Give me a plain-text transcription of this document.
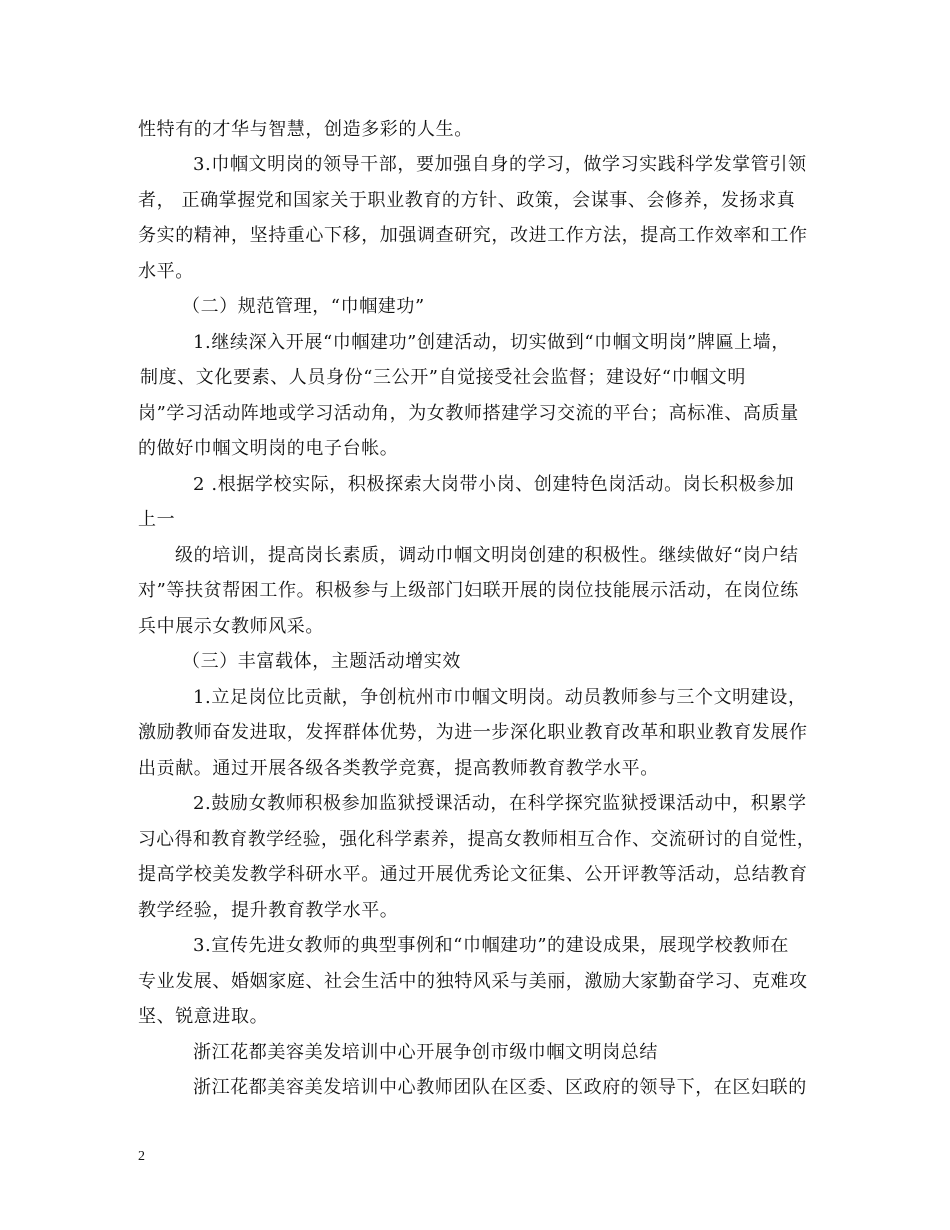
性特有的才华与智慧，创造多彩的人生。
3.巾帼文明岗的领导干部，要加强自身的学习，做学习实践科学发掌管引领
者， 正确掌握党和国家关于职业教育的方针、政策，会谋事、会修养，发扬求真
务实的精神，坚持重心下移，加强调查研究，改进工作方法，提高工作效率和工作
水平。
（二）规范管理，“巾帼建功”
1.继续深入开展“巾帼建功”创建活动，切实做到“巾帼文明岗”牌匾上墙，
制度、文化要素、人员身份“三公开”自觉接受社会监督；建设好“巾帼文明
岗”学习活动阵地或学习活动角，为女教师搭建学习交流的平台；高标准、高质量
的做好巾帼文明岗的电子台帐。
2 .根据学校实际，积极探索大岗带小岗、创建特色岗活动。岗长积极参加
上一
级的培训，提高岗长素质，调动巾帼文明岗创建的积极性。继续做好“岗户结
对”等扶贫帮困工作。积极参与上级部门妇联开展的岗位技能展示活动，在岗位练
兵中展示女教师风采。
（三）丰富载体，主题活动增实效
1.立足岗位比贡献，争创杭州市巾帼文明岗。动员教师参与三个文明建设，
激励教师奋发进取，发挥群体优势，为进一步深化职业教育改革和职业教育发展作
出贡献。通过开展各级各类教学竞赛，提高教师教育教学水平。
2.鼓励女教师积极参加监狱授课活动，在科学探究监狱授课活动中，积累学
习心得和教育教学经验，强化科学素养，提高女教师相互合作、交流研讨的自觉性，
提高学校美发教学科研水平。通过开展优秀论文征集、公开评教等活动，总结教育
教学经验，提升教育教学水平。
3.宣传先进女教师的典型事例和“巾帼建功”的建设成果，展现学校教师在
专业发展、婚姻家庭、社会生活中的独特风采与美丽，激励大家勤奋学习、克难攻
坚、锐意进取。
浙江花都美容美发培训中心开展争创市级巾帼文明岗总结
浙江花都美容美发培训中心教师团队在区委、区政府的领导下，在区妇联的
2
